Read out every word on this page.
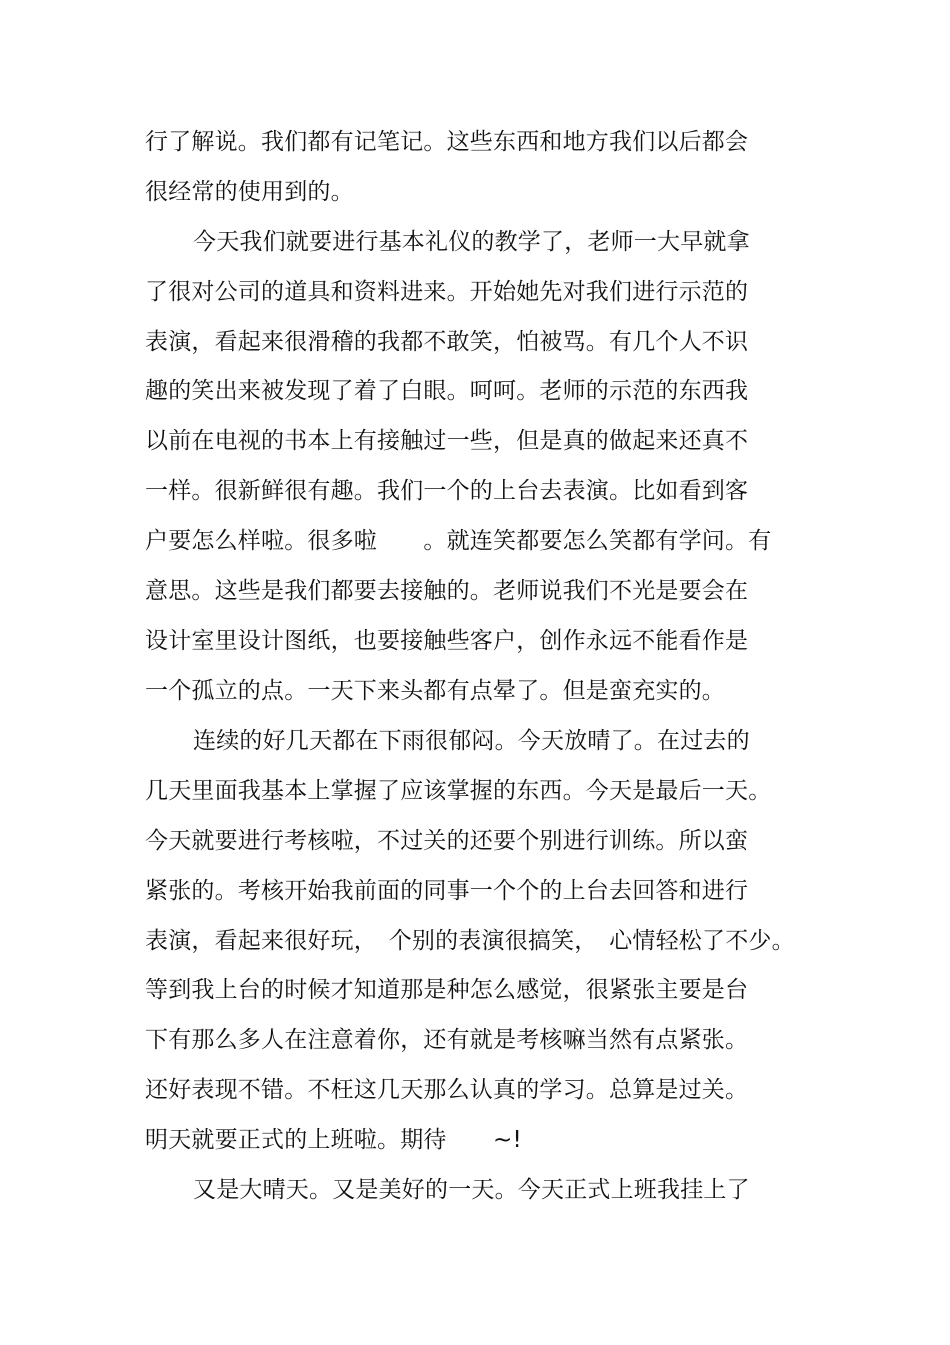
行了解说。我们都有记笔记。这些东西和地方我们以后都会
很经常的使用到的。
今天我们就要进行基本礼仪的教学了，老师一大早就拿
了很对公司的道具和资料进来。开始她先对我们进行示范的
表演，看起来很滑稽的我都不敢笑，怕被骂。有几个人不识
趣的笑出来被发现了着了白眼。呵呵。老师的示范的东西我
以前在电视的书本上有接触过一些，但是真的做起来还真不
一样。很新鲜很有趣。我们一个的上台去表演。比如看到客
户要怎么样啦。很多啦　　。就连笑都要怎么笑都有学问。有
意思。这些是我们都要去接触的。老师说我们不光是要会在
设计室里设计图纸，也要接触些客户，创作永远不能看作是
一个孤立的点。一天下来头都有点晕了。但是蛮充实的。
连续的好几天都在下雨很郁闷。今天放晴了。在过去的
几天里面我基本上掌握了应该掌握的东西。今天是最后一天。
今天就要进行考核啦，不过关的还要个别进行训练。所以蛮
紧张的。考核开始我前面的同事一个个的上台去回答和进行
表演，看起来很好玩，　个别的表演很搞笑，　心情轻松了不少。
等到我上台的时候才知道那是种怎么感觉，很紧张主要是台
下有那么多人在注意着你，还有就是考核嘛当然有点紧张。
还好表现不错。不枉这几天那么认真的学习。总算是过关。
明天就要正式的上班啦。期待　　~!
又是大晴天。又是美好的一天。今天正式上班我挂上了
